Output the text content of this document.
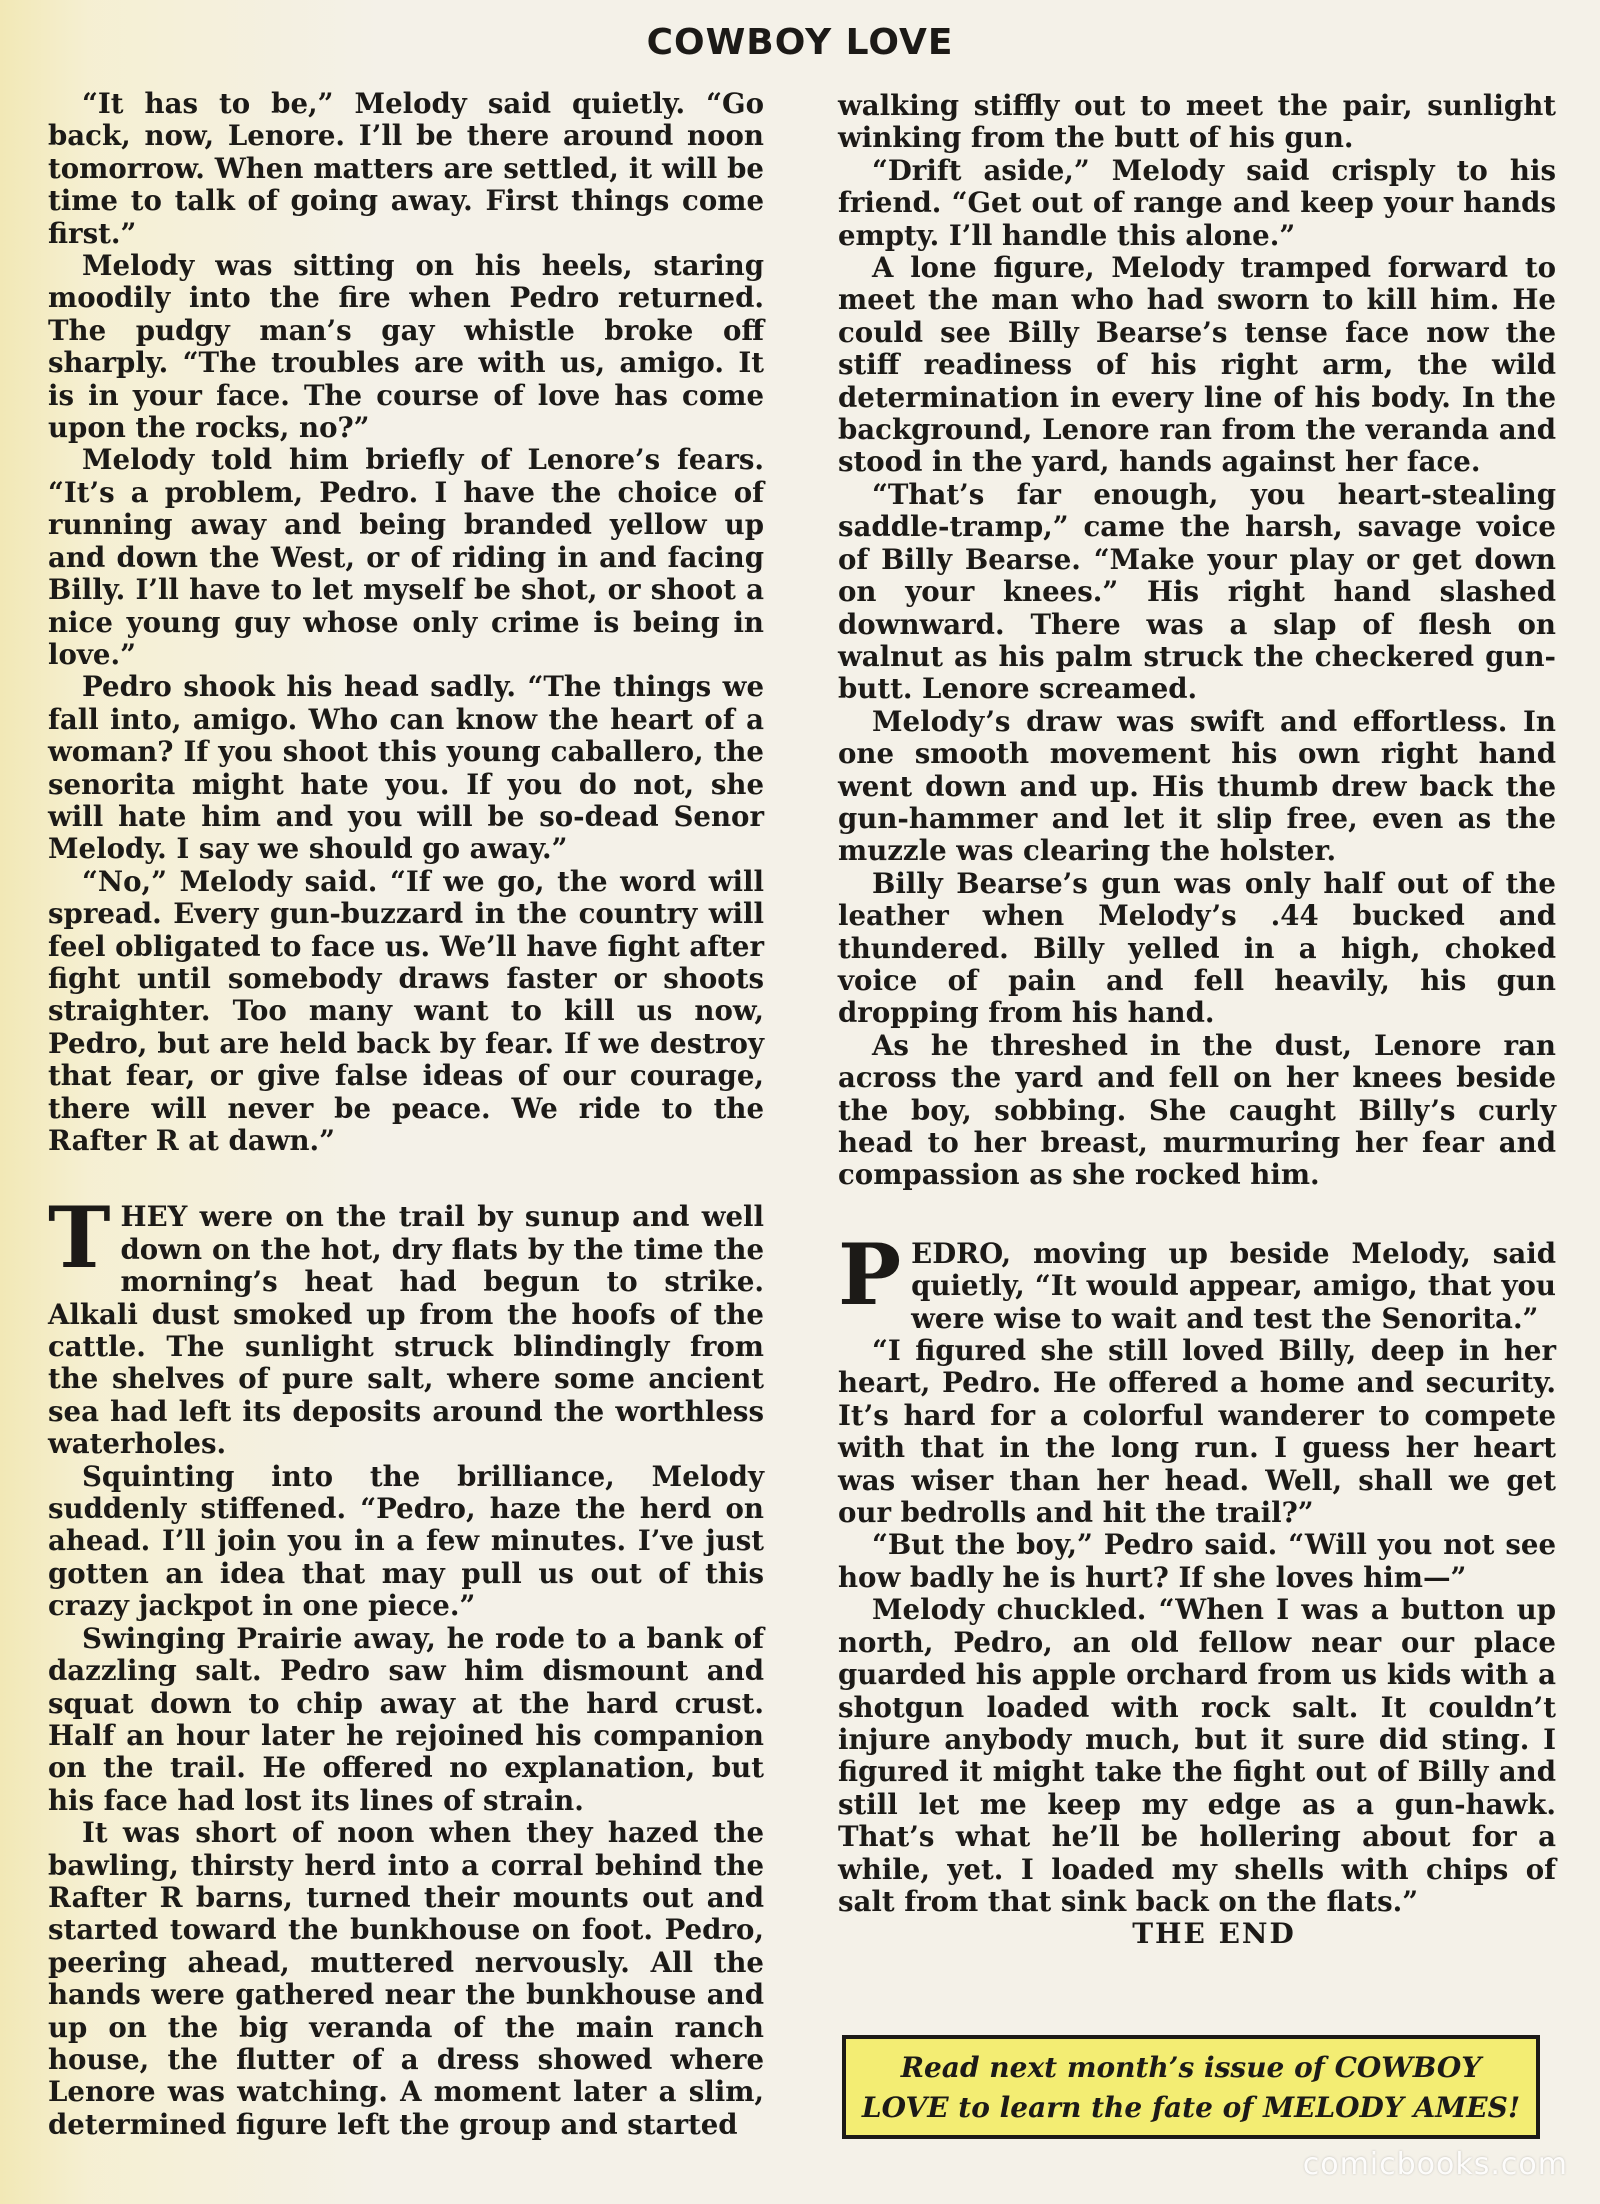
COWBOY LOVE

“It has to be,” Melody said quietly. “Go back, now, Lenore. I’ll be there around noon tomorrow. When matters are settled, it will be time to talk of going away. First things come first.”

Melody was sitting on his heels, staring moodily into the fire when Pedro returned. The pudgy man’s gay whistle broke off sharply. “The troubles are with us, amigo. It is in your face. The course of love has come upon the rocks, no?”

Melody told him briefly of Lenore’s fears. “It’s a problem, Pedro. I have the choice of running away and being branded yellow up and down the West, or of riding in and facing Billy. I’ll have to let myself be shot, or shoot a nice young guy whose only crime is being in love.”

Pedro shook his head sadly. “The things we fall into, amigo. Who can know the heart of a woman? If you shoot this young caballero, the senorita might hate you. If you do not, she will hate him and you will be so-dead Senor Melody. I say we should go away.”

“No,” Melody said. “If we go, the word will spread. Every gun-buzzard in the country will feel obligated to face us. We’ll have fight after fight until somebody draws faster or shoots straighter. Too many want to kill us now, Pedro, but are held back by fear. If we destroy that fear, or give false ideas of our courage, there will never be peace. We ride to the Rafter R at dawn.”

THEY were on the trail by sunup and well down on the hot, dry flats by the time the morning’s heat had begun to strike. Alkali dust smoked up from the hoofs of the cattle. The sunlight struck blindingly from the shelves of pure salt, where some ancient sea had left its deposits around the worthless waterholes.

Squinting into the brilliance, Melody suddenly stiffened. “Pedro, haze the herd on ahead. I’ll join you in a few minutes. I’ve just gotten an idea that may pull us out of this crazy jackpot in one piece.”

Swinging Prairie away, he rode to a bank of dazzling salt. Pedro saw him dismount and squat down to chip away at the hard crust. Half an hour later he rejoined his companion on the trail. He offered no explanation, but his face had lost its lines of strain.

It was short of noon when they hazed the bawling, thirsty herd into a corral behind the Rafter R barns, turned their mounts out and started toward the bunkhouse on foot. Pedro, peering ahead, muttered nervously. All the hands were gathered near the bunkhouse and up on the big veranda of the main ranch house, the flutter of a dress showed where Lenore was watching. A moment later a slim, determined figure left the group and started

walking stiffly out to meet the pair, sunlight winking from the butt of his gun.

“Drift aside,” Melody said crisply to his friend. “Get out of range and keep your hands empty. I’ll handle this alone.”

A lone figure, Melody tramped forward to meet the man who had sworn to kill him. He could see Billy Bearse’s tense face now the stiff readiness of his right arm, the wild determination in every line of his body. In the background, Lenore ran from the veranda and stood in the yard, hands against her face.

“That’s far enough, you heart-stealing saddle-tramp,” came the harsh, savage voice of Billy Bearse. “Make your play or get down on your knees.” His right hand slashed downward. There was a slap of flesh on walnut as his palm struck the checkered gun-butt. Lenore screamed.

Melody’s draw was swift and effortless. In one smooth movement his own right hand went down and up. His thumb drew back the gun-hammer and let it slip free, even as the muzzle was clearing the holster.

Billy Bearse’s gun was only half out of the leather when Melody’s .44 bucked and thundered. Billy yelled in a high, choked voice of pain and fell heavily, his gun dropping from his hand.

As he threshed in the dust, Lenore ran across the yard and fell on her knees beside the boy, sobbing. She caught Billy’s curly head to her breast, murmuring her fear and compassion as she rocked him.

PEDRO, moving up beside Melody, said quietly, “It would appear, amigo, that you were wise to wait and test the Senorita.”

“I figured she still loved Billy, deep in her heart, Pedro. He offered a home and security. It’s hard for a colorful wanderer to compete with that in the long run. I guess her heart was wiser than her head. Well, shall we get our bedrolls and hit the trail?”

“But the boy,” Pedro said. “Will you not see how badly he is hurt? If she loves him—”

Melody chuckled. “When I was a button up north, Pedro, an old fellow near our place guarded his apple orchard from us kids with a shotgun loaded with rock salt. It couldn’t injure anybody much, but it sure did sting. I figured it might take the fight out of Billy and still let me keep my edge as a gun-hawk. That’s what he’ll be hollering about for a while, yet. I loaded my shells with chips of salt from that sink back on the flats.”

THE END

Read next month’s issue of COWBOY
LOVE to learn the fate of MELODY AMES!
comicbooks.com
